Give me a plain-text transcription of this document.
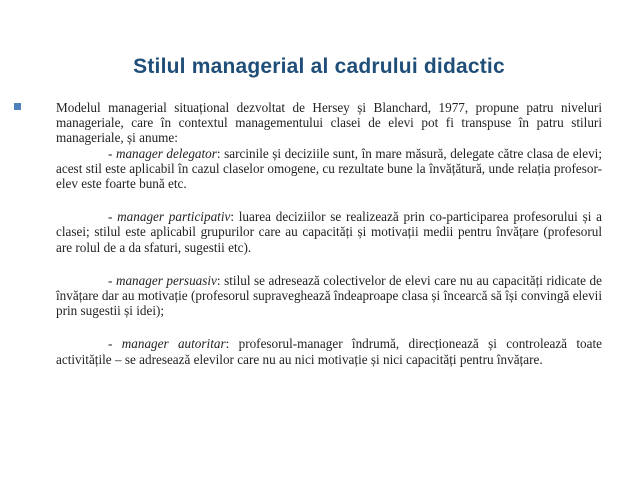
Stilul managerial al cadrului didactic

Modelul managerial situațional dezvoltat de Hersey și Blanchard, 1977, propune patru niveluri manageriale, care în contextul managementului clasei de elevi pot fi transpuse în patru stiluri manageriale, și anume:

- manager delegator: sarcinile și deciziile sunt, în mare măsură, delegate către clasa de elevi; acest stil este aplicabil în cazul claselor omogene, cu rezultate bune la învățătură, unde relația profesor-elev este foarte bună etc.

- manager participativ: luarea deciziilor se realizează prin co-participarea profesorului și a clasei; stilul este aplicabil grupurilor care au capacități și motivații medii pentru învățare (profesorul are rolul de a da sfaturi, sugestii etc).

- manager persuasiv: stilul se adresează colectivelor de elevi care nu au capacități ridicate de învățare dar au motivație (profesorul supraveghează îndeaproape clasa și încearcă să își convingă elevii prin sugestii și idei);

- manager autoritar: profesorul-manager îndrumă, direcționează și controlează toate activitățile – se adresează elevilor care nu au nici motivație și nici capacități pentru învățare.
